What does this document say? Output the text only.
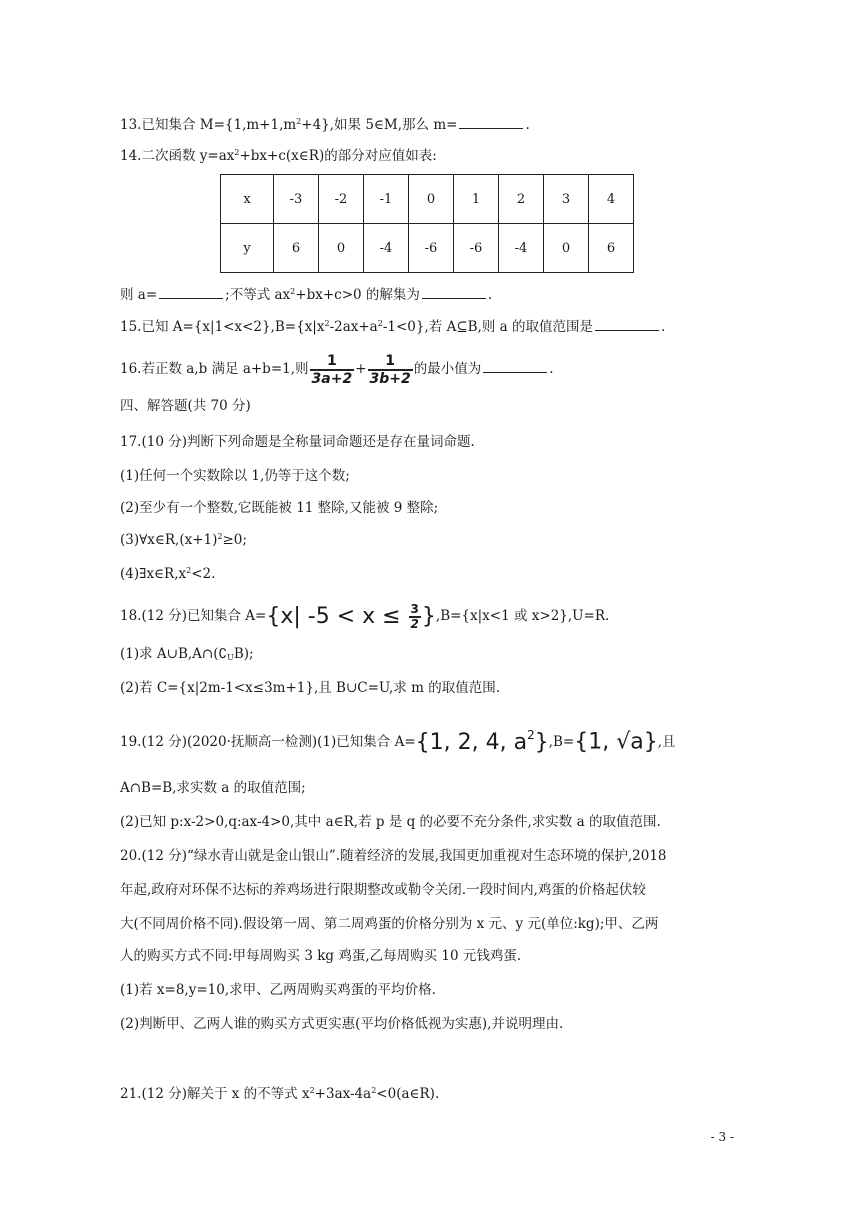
13.已知集合 $M=\{1,m+1,m^2+4\}$,如果 5∈M,那么 m=	.
14.二次函数 $y=ax^2+bx+c(x\in R)$的部分对应值如表:
x	-3	-2	-1	0	1	2	3	4
y	6	0	-4	-6	-6	-4	0	6
则 a=	;不等式 $ax^2+bx+c>0$ 的解集为	.
15.已知 $A=\{x|1<x<2\},B=\{x|x^2-2ax+a^2-1<0\}$,若 A⊆B,则 a 的取值范围是	.
16.若正数 a,b 满足 a+b=1,则 $\frac{1}{3a+2} + \frac{1}{3b+2}$ 的最小值为	.
四、解答题(共 70 分)
17.(10 分)判断下列命题是全称量词命题还是存在量词命题.
(1)任何一个实数除以 1,仍等于这个数;
(2)至少有一个整数,它既能被 11 整除,又能被 9 整除;
$(3)\forall x\in R,(x+1)^2\ge 0$;
$(4)\exists x\in R,x^2<2$.
18.(12 分)已知集合 A={x| $-5 < x \le \frac{3}{2} \},B=\{x|x<1$ 或 x>2},U=R.
(1)求 $A\cup B,A\cap(∁_UB)$;
(2)若 C={x|2m-1<x≤3m+1},且 B∪C=U,求 m 的取值范围.
19.(12 分)(2020·抚顺高一检测)(1)已知集合 A={1, 2, 4, $a^2\},B=\{1$, √a},且
A∩B=B,求实数 a 的取值范围;
(2)已知 p:x-2>0,q:ax-4>0,其中 a∈R,若 p 是 q 的必要不充分条件,求实数 a 的取值范围.
20.(12 分)“绿水青山就是金山银山”.随着经济的发展,我国更加重视对生态环境的保护,2018
年起,政府对环保不达标的养鸡场进行限期整改或勒令关闭.一段时间内,鸡蛋的价格起伏较
大(不同周价格不同).假设第一周、第二周鸡蛋的价格分别为 x 元、y 元(单位:kg);甲、乙两
人的购买方式不同:甲每周购买 3 kg 鸡蛋,乙每周购买 10 元钱鸡蛋.
(1)若 x=8,y=10,求甲、乙两周购买鸡蛋的平均价格.
(2)判断甲、乙两人谁的购买方式更实惠(平均价格低视为实惠),并说明理由.
21.(12 分)解关于 x 的不等式 $x^2+3ax-4a^2<0(a\in R)$.
- 3 -
